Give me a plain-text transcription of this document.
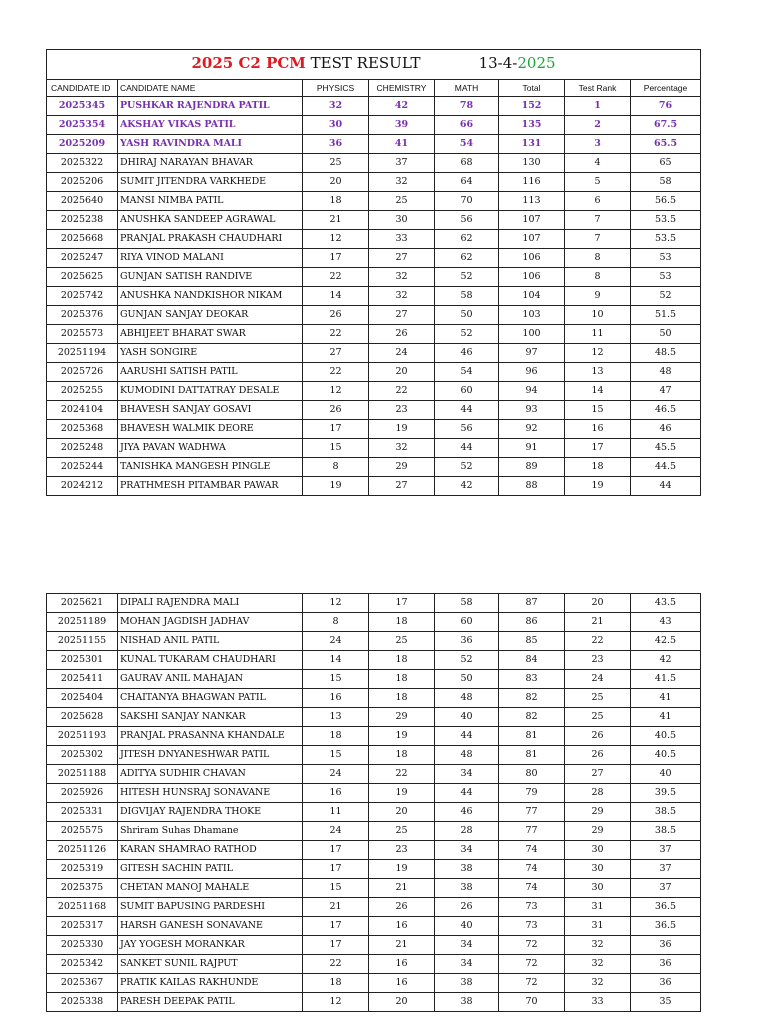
2025 C2 PCM TEST RESULT 13-4-2025							
CANDIDATE ID	CANDIDATE NAME	PHYSICS	CHEMISTRY	MATH	Total	Test Rank	Percentage
2025345	PUSHKAR RAJENDRA PATIL	32	42	78	152	1	76
2025354	AKSHAY VIKAS PATIL	30	39	66	135	2	67.5
2025209	YASH RAVINDRA MALI	36	41	54	131	3	65.5
2025322	DHIRAJ NARAYAN BHAVAR	25	37	68	130	4	65
2025206	SUMIT JITENDRA VARKHEDE	20	32	64	116	5	58
2025640	MANSI NIMBA PATIL	18	25	70	113	6	56.5
2025238	ANUSHKA SANDEEP AGRAWAL	21	30	56	107	7	53.5
2025668	PRANJAL PRAKASH CHAUDHARI	12	33	62	107	7	53.5
2025247	RIYA VINOD MALANI	17	27	62	106	8	53
2025625	GUNJAN SATISH RANDIVE	22	32	52	106	8	53
2025742	ANUSHKA NANDKISHOR NIKAM	14	32	58	104	9	52
2025376	GUNJAN SANJAY DEOKAR	26	27	50	103	10	51.5
2025573	ABHIJEET BHARAT SWAR	22	26	52	100	11	50
20251194	YASH SONGIRE	27	24	46	97	12	48.5
2025726	AARUSHI SATISH PATIL	22	20	54	96	13	48
2025255	KUMODINI DATTATRAY DESALE	12	22	60	94	14	47
2024104	BHAVESH SANJAY GOSAVI	26	23	44	93	15	46.5
2025368	BHAVESH WALMIK DEORE	17	19	56	92	16	46
2025248	JIYA PAVAN WADHWA	15	32	44	91	17	45.5
2025244	TANISHKA MANGESH PINGLE	8	29	52	89	18	44.5
2024212	PRATHMESH PITAMBAR PAWAR	19	27	42	88	19	44
2025621	DIPALI RAJENDRA MALI	12	17	58	87	20	43.5
20251189	MOHAN JAGDISH JADHAV	8	18	60	86	21	43
20251155	NISHAD ANIL PATIL	24	25	36	85	22	42.5
2025301	KUNAL TUKARAM CHAUDHARI	14	18	52	84	23	42
2025411	GAURAV ANIL MAHAJAN	15	18	50	83	24	41.5
2025404	CHAITANYA BHAGWAN PATIL	16	18	48	82	25	41
2025628	SAKSHI SANJAY NANKAR	13	29	40	82	25	41
20251193	PRANJAL PRASANNA KHANDALE	18	19	44	81	26	40.5
2025302	JITESH DNYANESHWAR PATIL	15	18	48	81	26	40.5
20251188	ADITYA SUDHIR CHAVAN	24	22	34	80	27	40
2025926	HITESH HUNSRAJ SONAVANE	16	19	44	79	28	39.5
2025331	DIGVIJAY RAJENDRA THOKE	11	20	46	77	29	38.5
2025575	Shriram Suhas Dhamane	24	25	28	77	29	38.5
20251126	KARAN SHAMRAO RATHOD	17	23	34	74	30	37
2025319	GITESH SACHIN PATIL	17	19	38	74	30	37
2025375	CHETAN MANOJ MAHALE	15	21	38	74	30	37
20251168	SUMIT BAPUSING PARDESHI	21	26	26	73	31	36.5
2025317	HARSH GANESH SONAVANE	17	16	40	73	31	36.5
2025330	JAY YOGESH MORANKAR	17	21	34	72	32	36
2025342	SANKET SUNIL RAJPUT	22	16	34	72	32	36
2025367	PRATIK KAILAS RAKHUNDE	18	16	38	72	32	36
2025338	PARESH DEEPAK PATIL	12	20	38	70	33	35
